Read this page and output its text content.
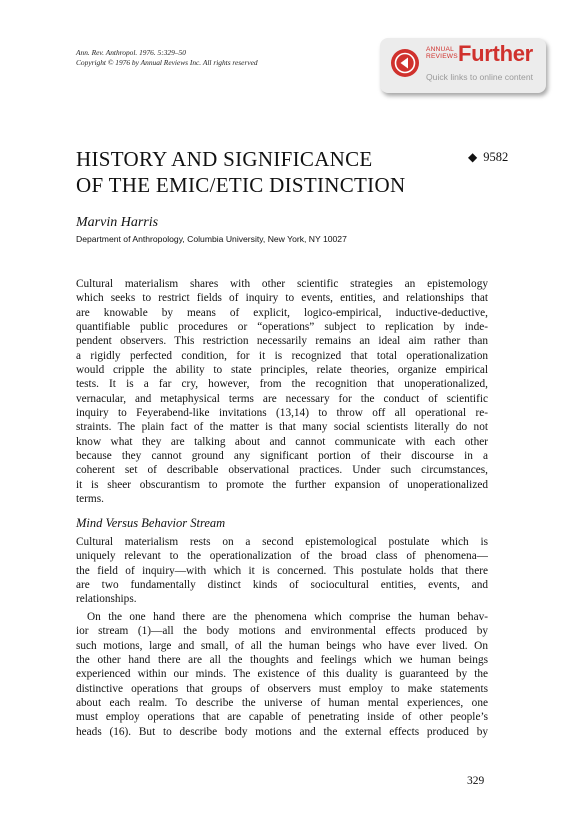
Ann. Rev. Anthropol. 1976. 5:329–50
Copyright © 1976 by Annual Reviews Inc. All rights reserved
ANNUAL
REVIEWS Further
Quick links to online content
HISTORY AND SIGNIFICANCE
OF THE EMIC/ETIC DISTINCTION
◆ 9582
Marvin Harris
Department of Anthropology, Columbia University, New York, NY 10027
Cultural materialism shares with other scientific strategies an epistemology
which seeks to restrict fields of inquiry to events, entities, and relationships that
are knowable by means of explicit, logico-empirical, inductive-deductive,
quantifiable public procedures or “operations” subject to replication by inde-
pendent observers. This restriction necessarily remains an ideal aim rather than
a rigidly perfected condition, for it is recognized that total operationalization
would cripple the ability to state principles, relate theories, organize empirical
tests. It is a far cry, however, from the recognition that unoperationalized,
vernacular, and metaphysical terms are necessary for the conduct of scientific
inquiry to Feyerabend-like invitations (13,14) to throw off all operational re-
straints. The plain fact of the matter is that many social scientists literally do not
know what they are talking about and cannot communicate with each other
because they cannot ground any significant portion of their discourse in a
coherent set of describable observational practices. Under such circumstances,
it is sheer obscurantism to promote the further expansion of unoperationalized
terms.
Mind Versus Behavior Stream
Cultural materialism rests on a second epistemological postulate which is
uniquely relevant to the operationalization of the broad class of phenomena—
the field of inquiry—with which it is concerned. This postulate holds that there
are two fundamentally distinct kinds of sociocultural entities, events, and
relationships.
On the one hand there are the phenomena which comprise the human behav-
ior stream (1)—all the body motions and environmental effects produced by
such motions, large and small, of all the human beings who have ever lived. On
the other hand there are all the thoughts and feelings which we human beings
experienced within our minds. The existence of this duality is guaranteed by the
distinctive operations that groups of observers must employ to make statements
about each realm. To describe the universe of human mental experiences, one
must employ operations that are capable of penetrating inside of other people’s
heads (16). But to describe body motions and the external effects produced by
329
